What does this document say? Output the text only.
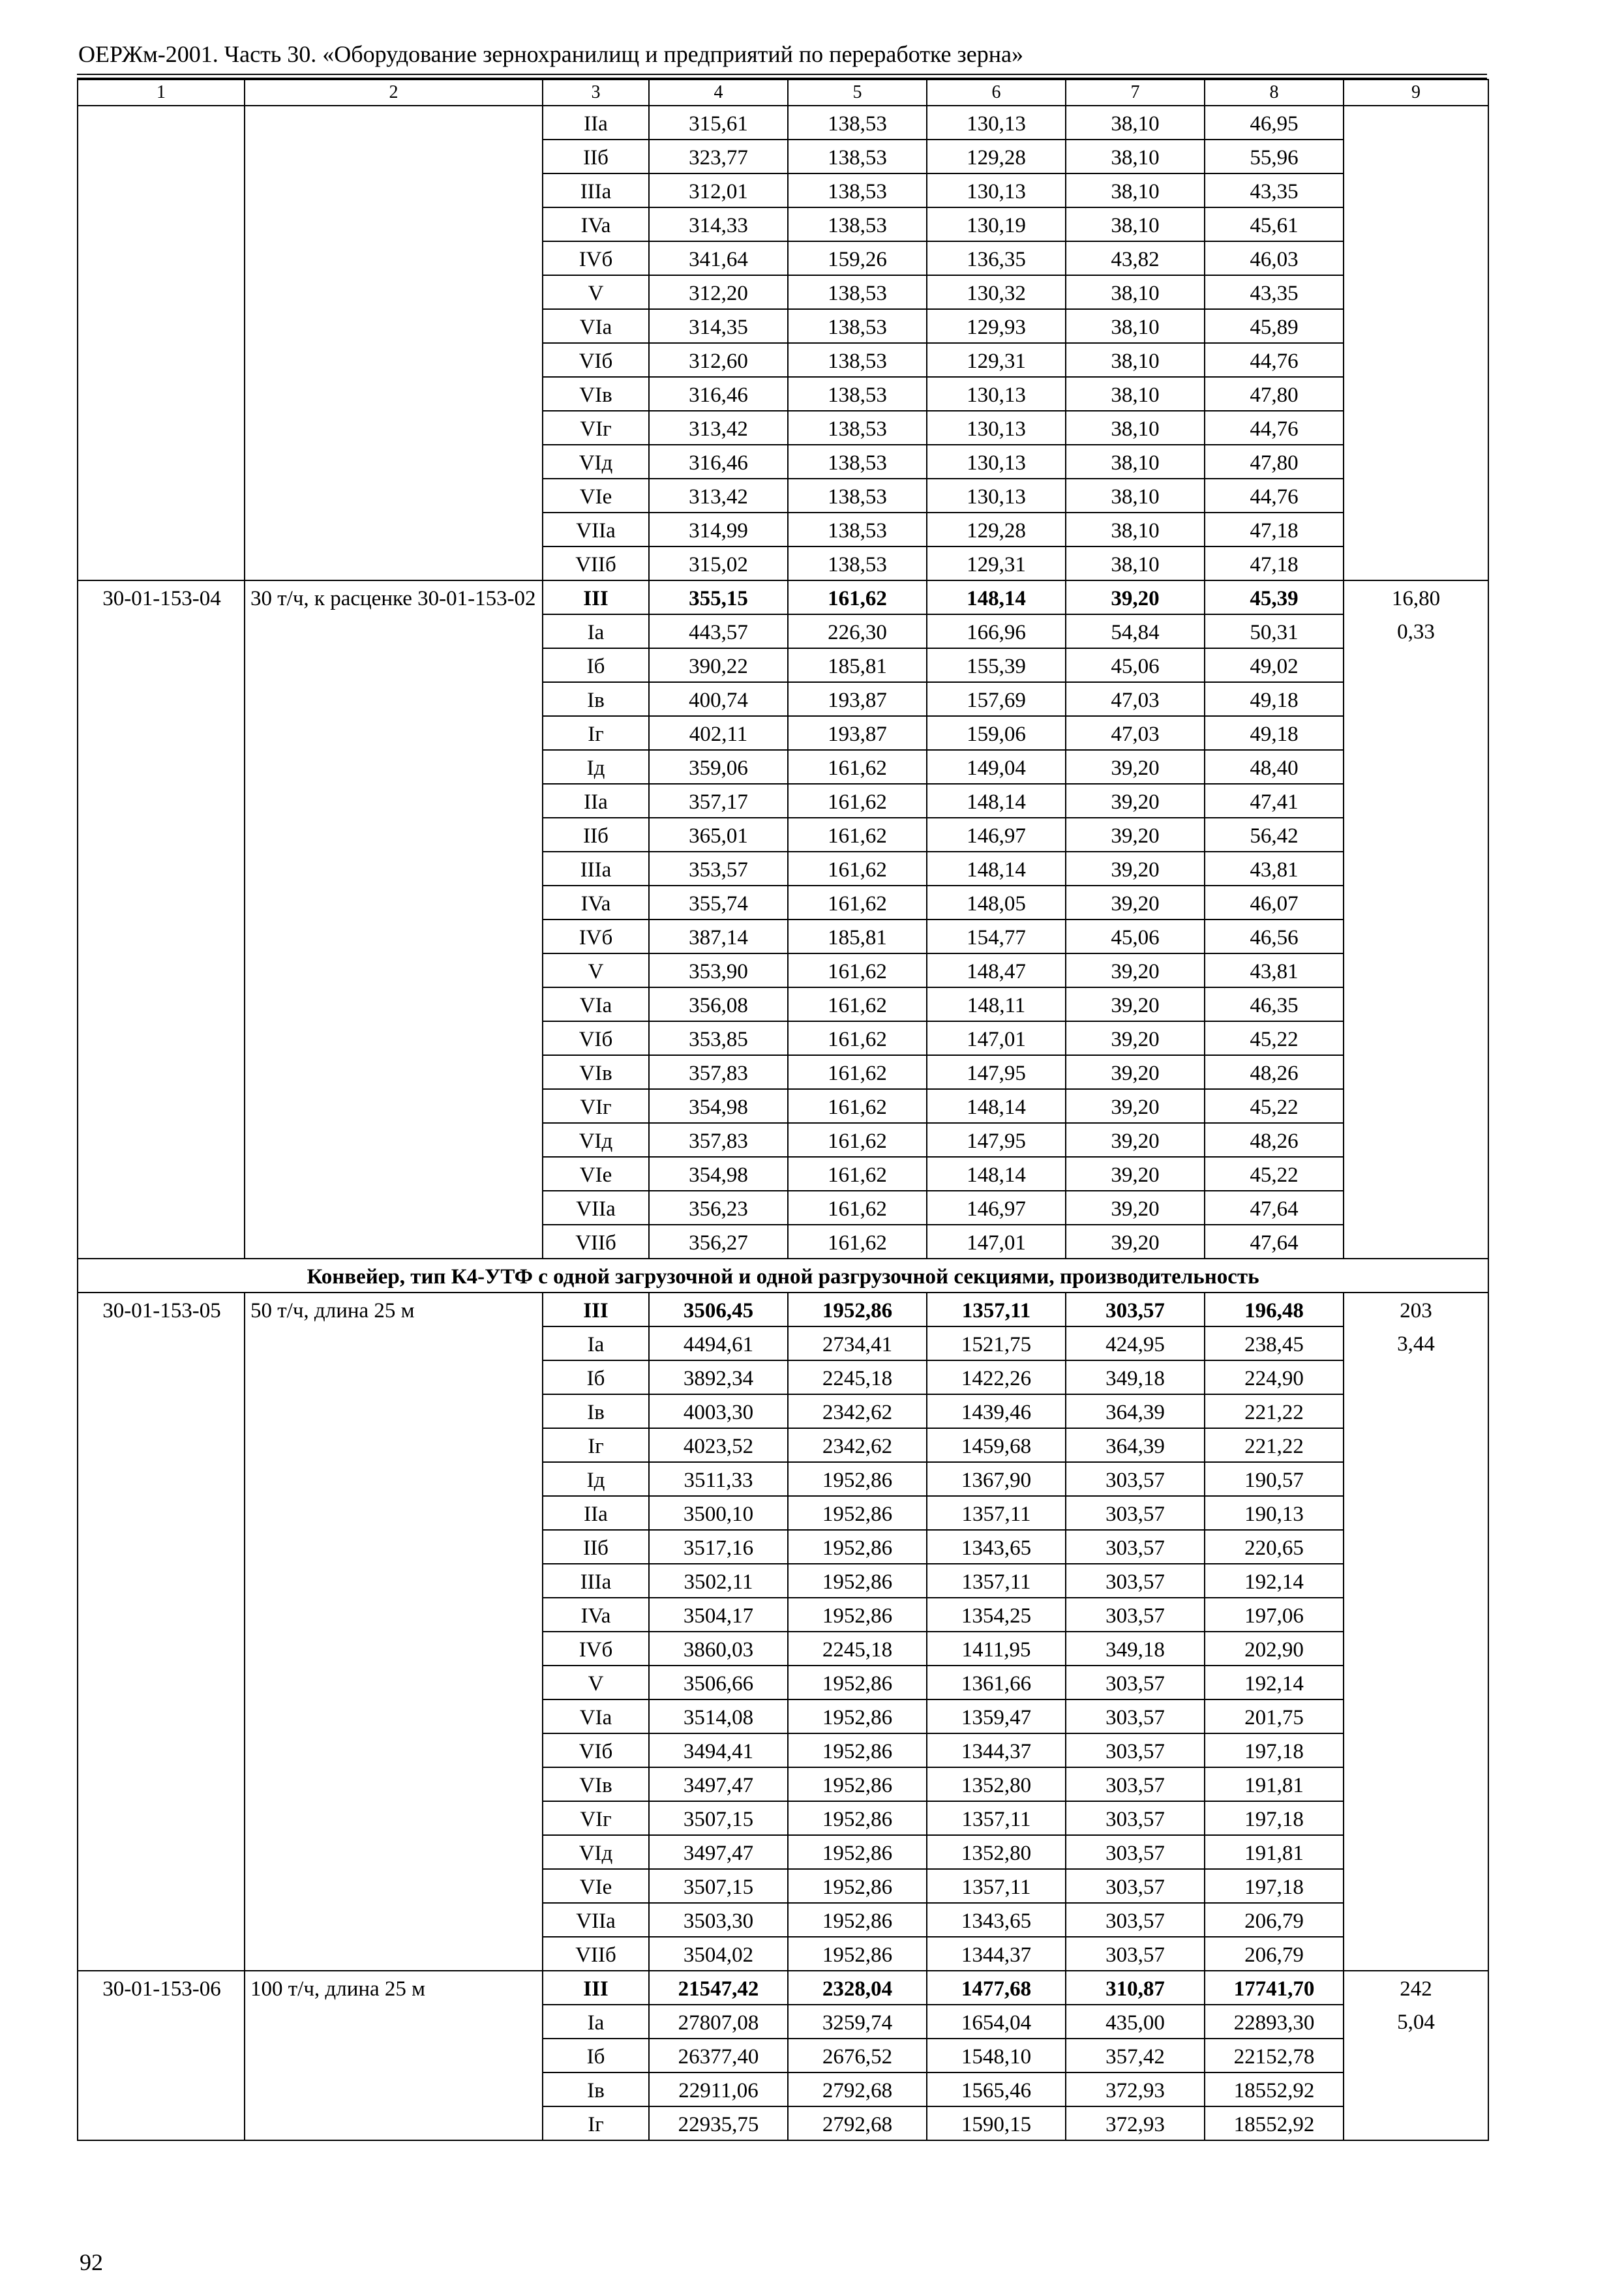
ОЕРЖм-2001. Часть 30. «Оборудование зернохранилищ и предприятий по переработке зерна»
1	2	3	4	5	6	7	8	9
		IIa	315,61	138,53	130,13	38,10	46,95	
		IIб	323,77	138,53	129,28	38,10	55,96	
		IIIa	312,01	138,53	130,13	38,10	43,35	
		IVa	314,33	138,53	130,19	38,10	45,61	
		IVб	341,64	159,26	136,35	43,82	46,03	
		V	312,20	138,53	130,32	38,10	43,35	
		VIa	314,35	138,53	129,93	38,10	45,89	
		VIб	312,60	138,53	129,31	38,10	44,76	
		VIв	316,46	138,53	130,13	38,10	47,80	
		VIг	313,42	138,53	130,13	38,10	44,76	
		VIд	316,46	138,53	130,13	38,10	47,80	
		VIe	313,42	138,53	130,13	38,10	44,76	
		VIIa	314,99	138,53	129,28	38,10	47,18	
		VIIб	315,02	138,53	129,31	38,10	47,18	
30-01-153-04	30 т/ч, к расценке 30-01-153-02	III	355,15	161,62	148,14	39,20	45,39	16,80
		Ia	443,57	226,30	166,96	54,84	50,31	0,33
		Iб	390,22	185,81	155,39	45,06	49,02	
		Iв	400,74	193,87	157,69	47,03	49,18	
		Iг	402,11	193,87	159,06	47,03	49,18	
		Iд	359,06	161,62	149,04	39,20	48,40	
		IIa	357,17	161,62	148,14	39,20	47,41	
		IIб	365,01	161,62	146,97	39,20	56,42	
		IIIa	353,57	161,62	148,14	39,20	43,81	
		IVa	355,74	161,62	148,05	39,20	46,07	
		IVб	387,14	185,81	154,77	45,06	46,56	
		V	353,90	161,62	148,47	39,20	43,81	
		VIa	356,08	161,62	148,11	39,20	46,35	
		VIб	353,85	161,62	147,01	39,20	45,22	
		VIв	357,83	161,62	147,95	39,20	48,26	
		VIг	354,98	161,62	148,14	39,20	45,22	
		VIд	357,83	161,62	147,95	39,20	48,26	
		VIe	354,98	161,62	148,14	39,20	45,22	
		VIIa	356,23	161,62	146,97	39,20	47,64	
		VIIб	356,27	161,62	147,01	39,20	47,64	
Конвейер, тип К4-УТФ с одной загрузочной и одной разгрузочной секциями, производительность								
30-01-153-05	50 т/ч, длина 25 м	III	3506,45	1952,86	1357,11	303,57	196,48	203
		Ia	4494,61	2734,41	1521,75	424,95	238,45	3,44
		Iб	3892,34	2245,18	1422,26	349,18	224,90	
		Iв	4003,30	2342,62	1439,46	364,39	221,22	
		Iг	4023,52	2342,62	1459,68	364,39	221,22	
		Iд	3511,33	1952,86	1367,90	303,57	190,57	
		IIa	3500,10	1952,86	1357,11	303,57	190,13	
		IIб	3517,16	1952,86	1343,65	303,57	220,65	
		IIIa	3502,11	1952,86	1357,11	303,57	192,14	
		IVa	3504,17	1952,86	1354,25	303,57	197,06	
		IVб	3860,03	2245,18	1411,95	349,18	202,90	
		V	3506,66	1952,86	1361,66	303,57	192,14	
		VIa	3514,08	1952,86	1359,47	303,57	201,75	
		VIб	3494,41	1952,86	1344,37	303,57	197,18	
		VIв	3497,47	1952,86	1352,80	303,57	191,81	
		VIг	3507,15	1952,86	1357,11	303,57	197,18	
		VIд	3497,47	1952,86	1352,80	303,57	191,81	
		VIe	3507,15	1952,86	1357,11	303,57	197,18	
		VIIa	3503,30	1952,86	1343,65	303,57	206,79	
		VIIб	3504,02	1952,86	1344,37	303,57	206,79	
30-01-153-06	100 т/ч, длина 25 м	III	21547,42	2328,04	1477,68	310,87	17741,70	242
		Ia	27807,08	3259,74	1654,04	435,00	22893,30	5,04
		Iб	26377,40	2676,52	1548,10	357,42	22152,78	
		Iв	22911,06	2792,68	1565,46	372,93	18552,92	
		Iг	22935,75	2792,68	1590,15	372,93	18552,92	
92
